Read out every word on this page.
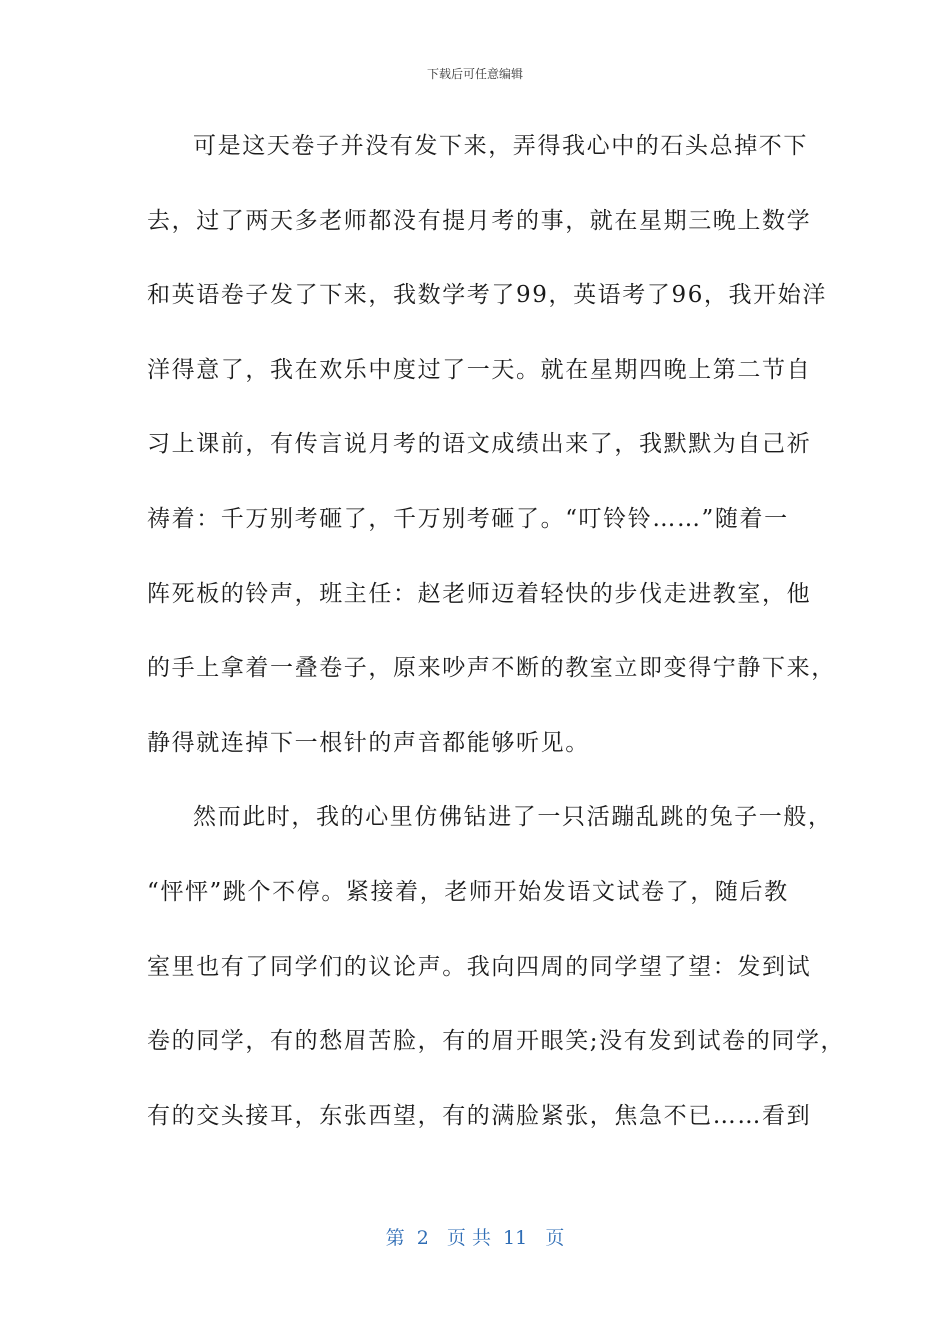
下载后可任意编辑
可是这天卷子并没有发下来，弄得我心中的石头总掉不下
去，过了两天多老师都没有提月考的事，就在星期三晚上数学
和英语卷子发了下来，我数学考了99，英语考了96，我开始洋
洋得意了，我在欢乐中度过了一天。就在星期四晚上第二节自
习上课前，有传言说月考的语文成绩出来了，我默默为自己祈
祷着：千万别考砸了，千万别考砸了。“叮铃铃……”随着一
阵死板的铃声，班主任：赵老师迈着轻快的步伐走进教室，他
的手上拿着一叠卷子，原来吵声不断的教室立即变得宁静下来，
静得就连掉下一根针的声音都能够听见。
然而此时，我的心里仿佛钻进了一只活蹦乱跳的兔子一般，
“怦怦”跳个不停。紧接着，老师开始发语文试卷了，随后教
室里也有了同学们的议论声。我向四周的同学望了望：发到试
卷的同学，有的愁眉苦脸，有的眉开眼笑;没有发到试卷的同学，
有的交头接耳，东张西望，有的满脸紧张，焦急不已……看到
第  2   页 共  11   页
